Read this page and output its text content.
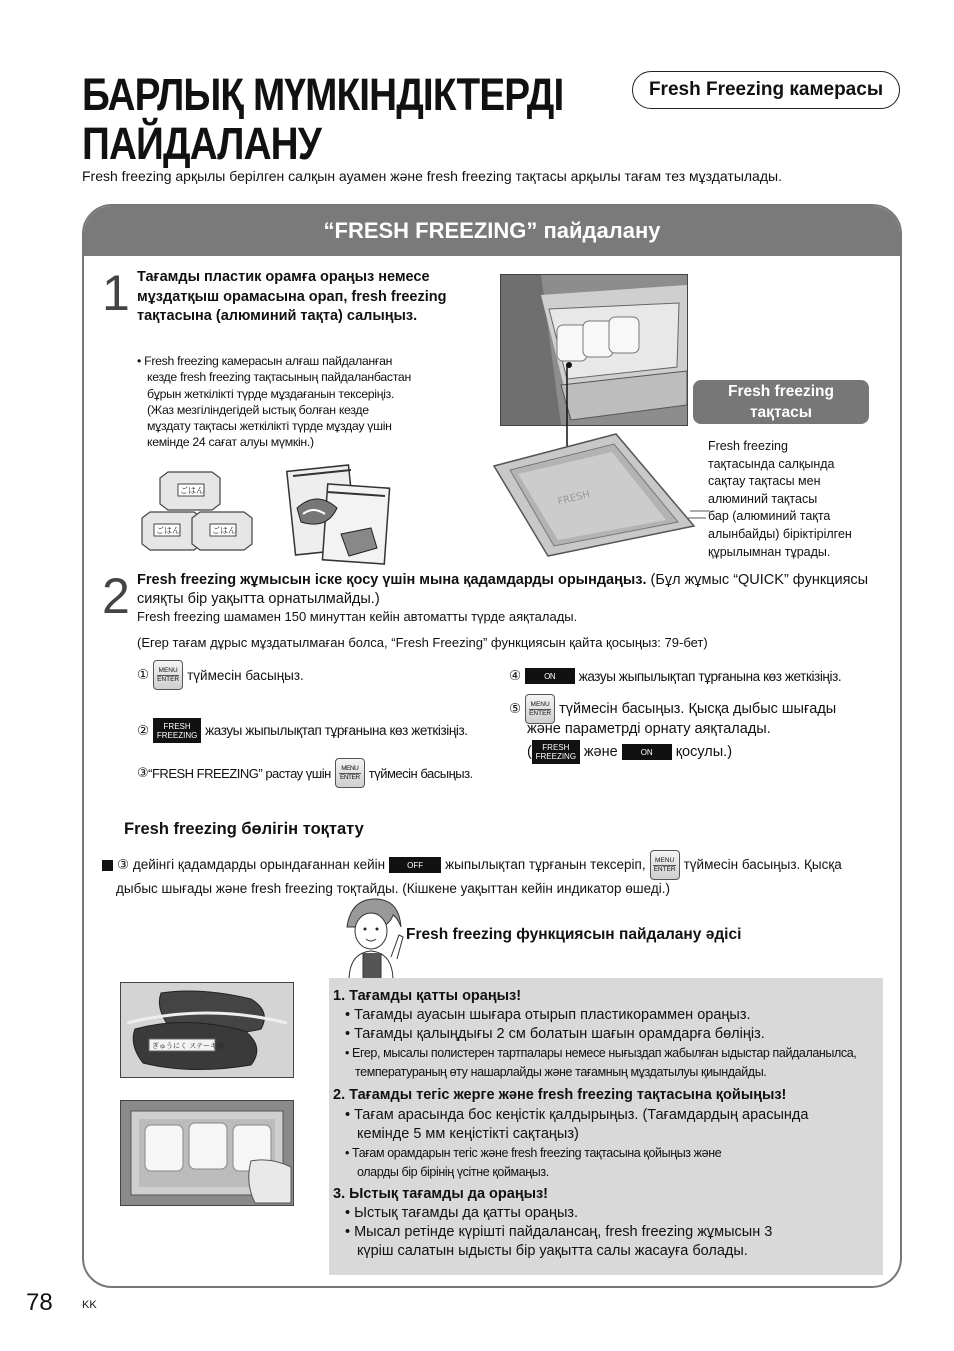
БАРЛЫҚ МҮМКІНДІКТЕРДІ
ПАЙДАЛАНУ
Fresh Freezing камерасы
Fresh freezing арқылы берілген салқын ауамен және fresh freezing тақтасы арқылы тағам тез мұздатылады.
“FRESH FREEZING” пайдалану
1 Тағамды пластик орамға ораңыз немесе мұздатқыш орамасына орап, fresh freezing тақтасына (алюминий тақта) салыңыз.
• Fresh freezing камерасын алғаш пайдаланған
кезде fresh freezing тақтасының пайдаланбастан
бұрын жеткілікті түрде мұздағанын тексеріңіз.
(Жаз мезгіліндегідей ыстық болған кезде
мұздату тақтасы жеткілікті түрде мұздау үшін
кемінде 24 сағат алуы мүмкін.)
ごはん
ごはん	ごはん
Fresh freezing
тақтасы
Fresh freezing
тақтасында салқында
сақтау тақтасы мен
алюминий тақтасы
бар (алюминий тақта
алынбайды) біріктірілген
құрылымнан тұрады.
FRESH
2 Fresh freezing жұмысын іске қосу үшін мына қадамдарды орындаңыз. (Бұл жұмыс “QUICK” функциясы сияқты бір уақытта орнатылмайды.)
Fresh freezing шамамен 150 минуттан кейін автоматты түрде аяқталады.
(Егер тағам дұрыс мұздатылмаған болса, “Fresh Freezing” функциясын қайта қосыңыз: 79-бет)
①	MENU
ENTER түймесін басыңыз.
② FRESH
FREEZING жазуы жыпылықтап тұрғанына көз жеткізіңіз.
③ “FRESH FREEZING” растау үшін	MENU
ENTER түймесін басыңыз.
④	ON	жазуы жыпылықтап тұрғанына көз жеткізіңіз.
⑤	MENU
ENTER түймесін басыңыз. Қысқа дыбыс шығады
және параметрді орнату аяқталады.
( FRESH
FREEZING және	ON	қосулы.)
Fresh freezing бөлігін тоқтату
③ дейінгі қадамдарды орындағаннан кейін	OFF	жыпылықтап тұрғанын тексеріп,	MENU
ENTER түймесін басыңыз. Қысқа
дыбыс шығады және fresh freezing тоқтайды. (Кішкене уақыттан кейін индикатор өшеді.)
Fresh freezing функциясын пайдалану әдісі
ぎゅうにく ステーキ肉
1. Тағамды қатты ораңыз!
• Тағамды ауасын шығара отырып пластикораммен ораңыз.
• Тағамды қалыңдығы 2 см болатын шағын орамдарға бөліңіз.
• Егер, мысалы полистерен тартпалары немесе нығыздап жабылған ыдыстар пайдаланылса,
температураның өту нашарлайды және тағамның мұздатылуы қиындайды.
2. Тағамды тегіс жерге және fresh freezing тақтасына қойыңыз!
• Тағам арасында бос кеңістік қалдырыңыз. (Тағамдардың арасында
кемінде 5 мм кеңістікті сақтаңыз)
• Тағам орамдарын тегіс және fresh freezing тақтасына қойыңыз және
оларды бір бірінің үсітне қоймаңыз.
3. Ыстық тағамды да ораңыз!
• Ыстық тағамды да қатты ораңыз.
• Мысал ретінде күрішті пайдалансаң, fresh freezing жұмысын 3
күріш салатын ыдысты бір уақытта салы жасауға болады.
78	KK
